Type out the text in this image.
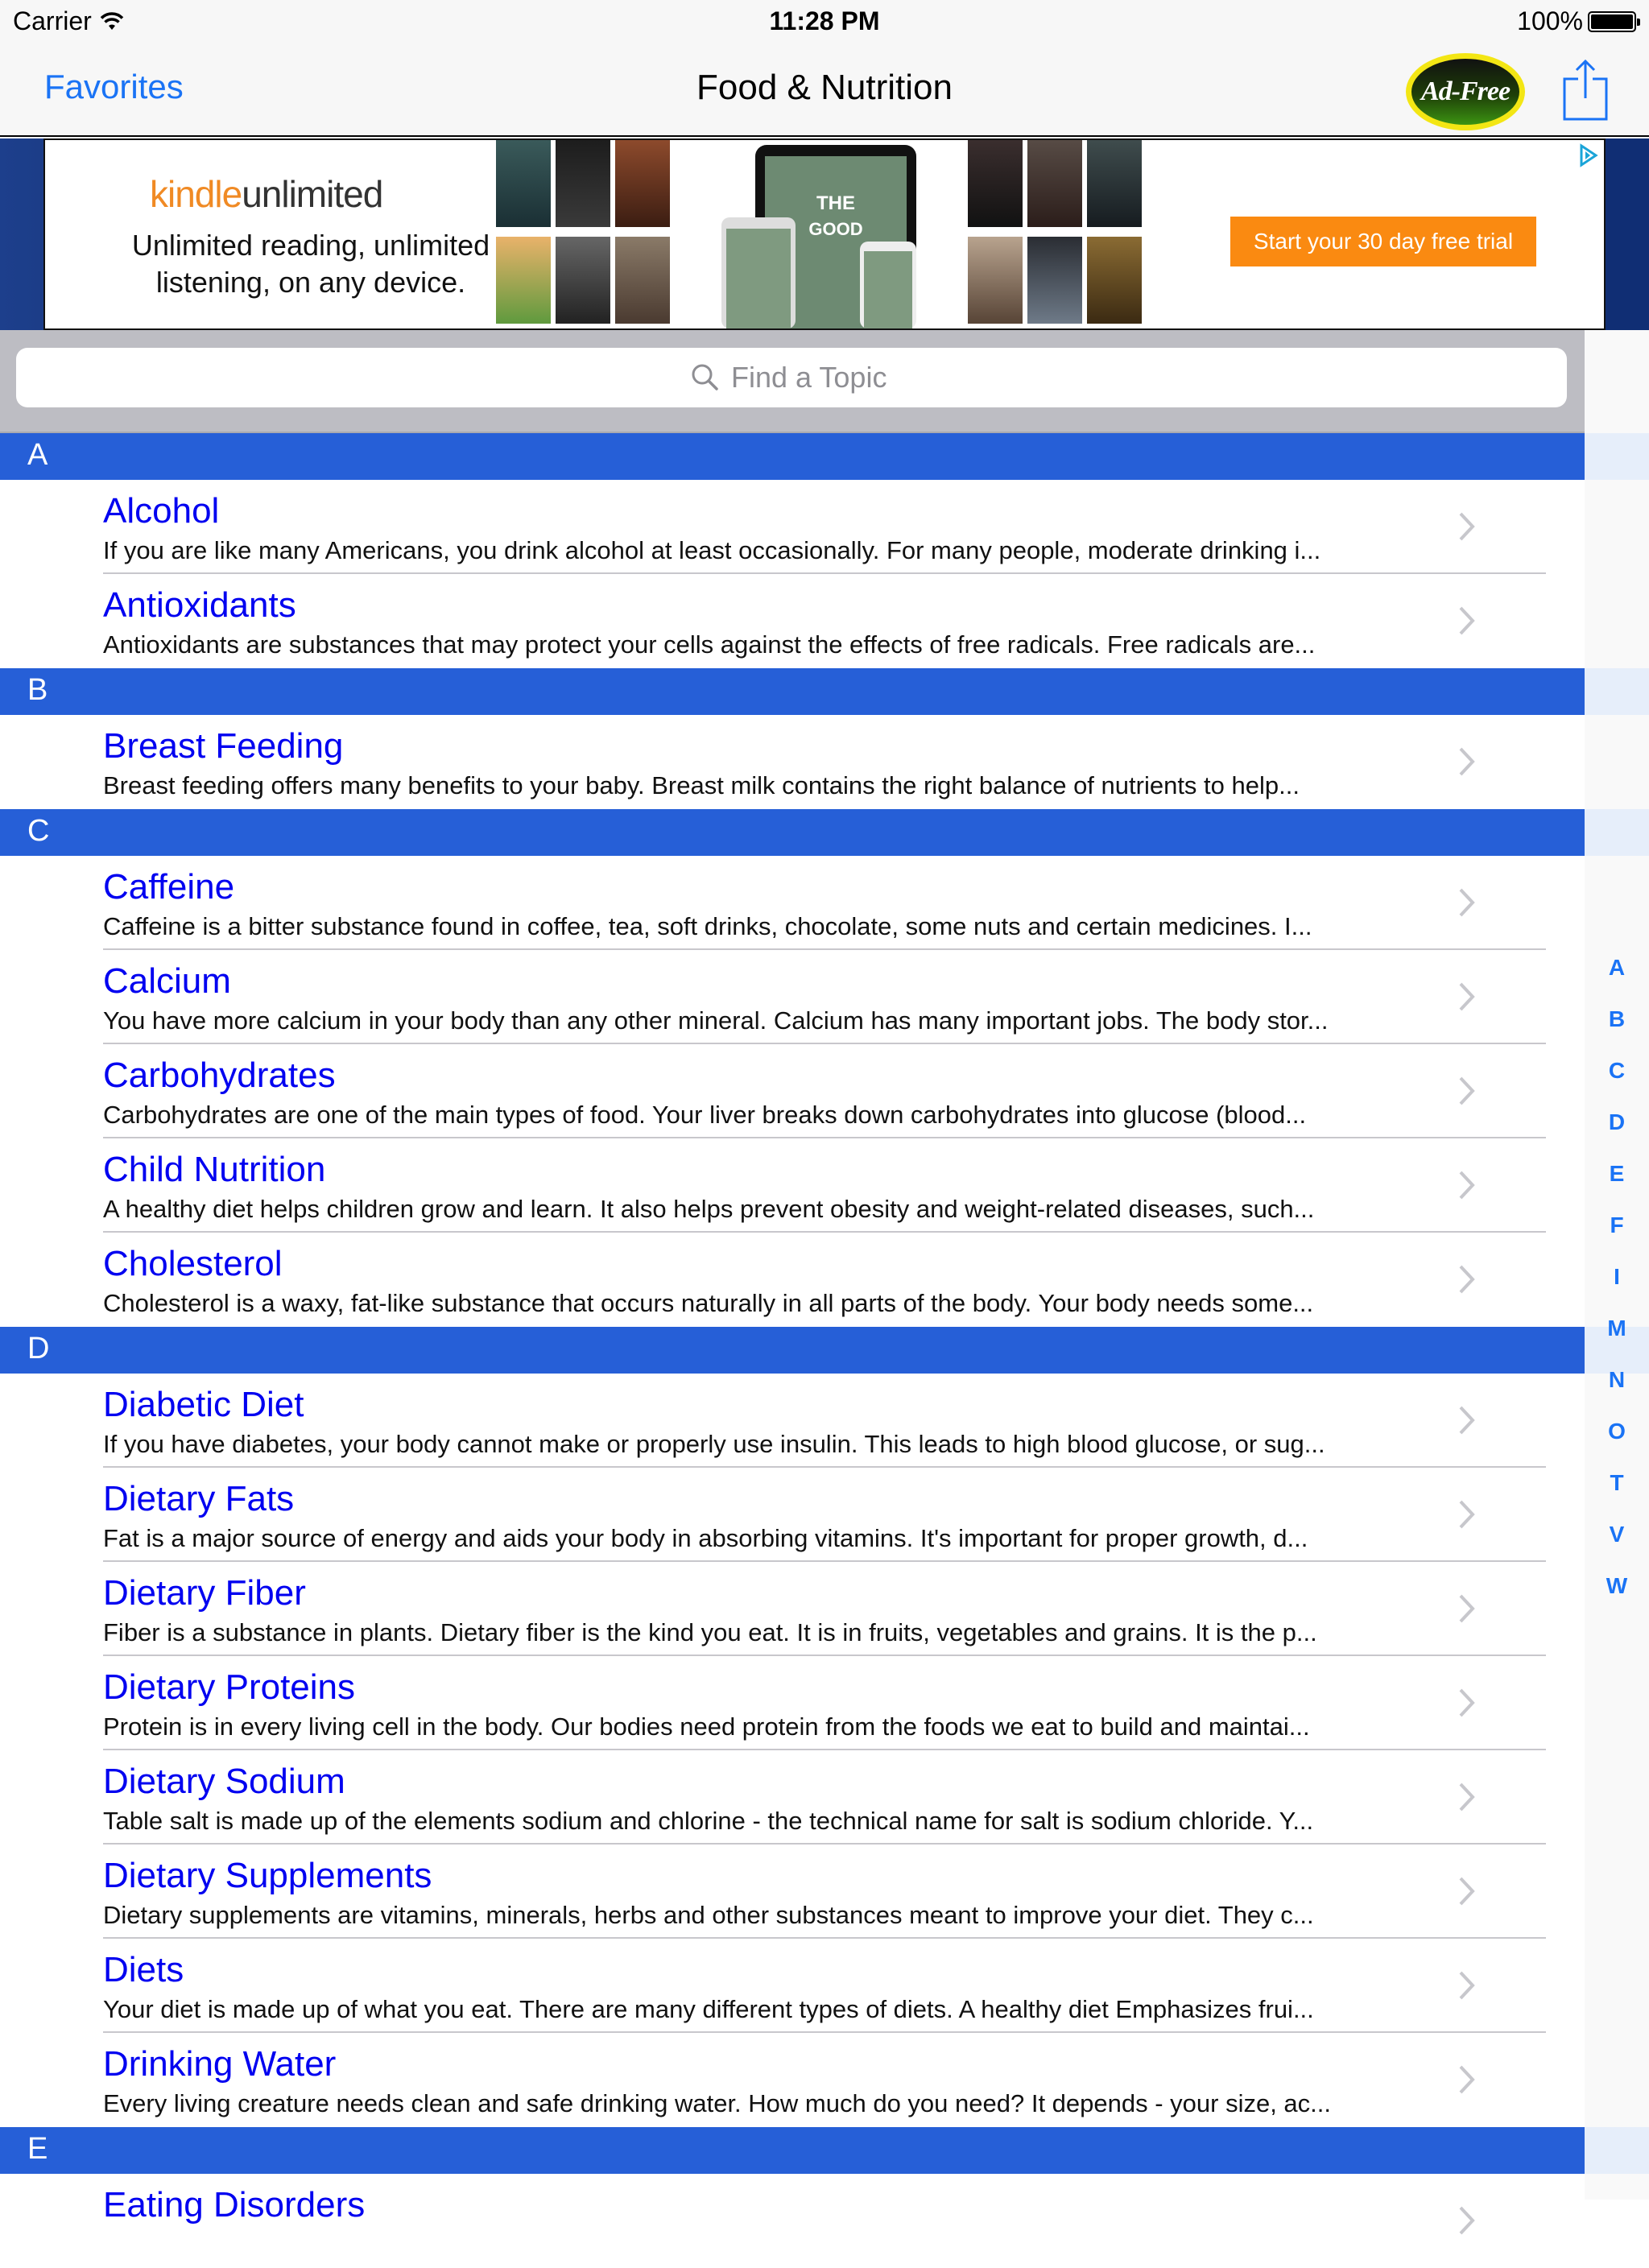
Carrier	11:28 PM	100%
Favorites	Food & Nutrition	Ad-Free
kindleunlimited
Unlimited reading, unlimited
listening, on any device.
THE
GOOD	Start your 30 day free trial
Find a Topic
A
Alcohol
If you are like many Americans, you drink alcohol at least occasionally. For many people, moderate drinking i...
Antioxidants
Antioxidants are substances that may protect your cells against the effects of free radicals. Free radicals are...
B
Breast Feeding
Breast feeding offers many benefits to your baby. Breast milk contains the right balance of nutrients to help...
C
Caffeine
Caffeine is a bitter substance found in coffee, tea, soft drinks, chocolate, some nuts and certain medicines. I...
Calcium
You have more calcium in your body than any other mineral. Calcium has many important jobs. The body stor...
Carbohydrates
Carbohydrates are one of the main types of food. Your liver breaks down carbohydrates into glucose (blood...
Child Nutrition
A healthy diet helps children grow and learn. It also helps prevent obesity and weight-related diseases, such...
Cholesterol
Cholesterol is a waxy, fat-like substance that occurs naturally in all parts of the body. Your body needs some...
D
Diabetic Diet
If you have diabetes, your body cannot make or properly use insulin. This leads to high blood glucose, or sug...
Dietary Fats
Fat is a major source of energy and aids your body in absorbing vitamins. It's important for proper growth, d...
Dietary Fiber
Fiber is a substance in plants. Dietary fiber is the kind you eat. It is in fruits, vegetables and grains. It is the p...
Dietary Proteins
Protein is in every living cell in the body. Our bodies need protein from the foods we eat to build and maintai...
Dietary Sodium
Table salt is made up of the elements sodium and chlorine - the technical name for salt is sodium chloride. Y...
Dietary Supplements
Dietary supplements are vitamins, minerals, herbs and other substances meant to improve your diet. They c...
Diets
Your diet is made up of what you eat. There are many different types of diets. A healthy diet Emphasizes frui...
Drinking Water
Every living creature needs clean and safe drinking water. How much do you need? It depends - your size, ac...
E
Eating Disorders
A
B
C
D
E
F
I
M
N
O
T
V
W
